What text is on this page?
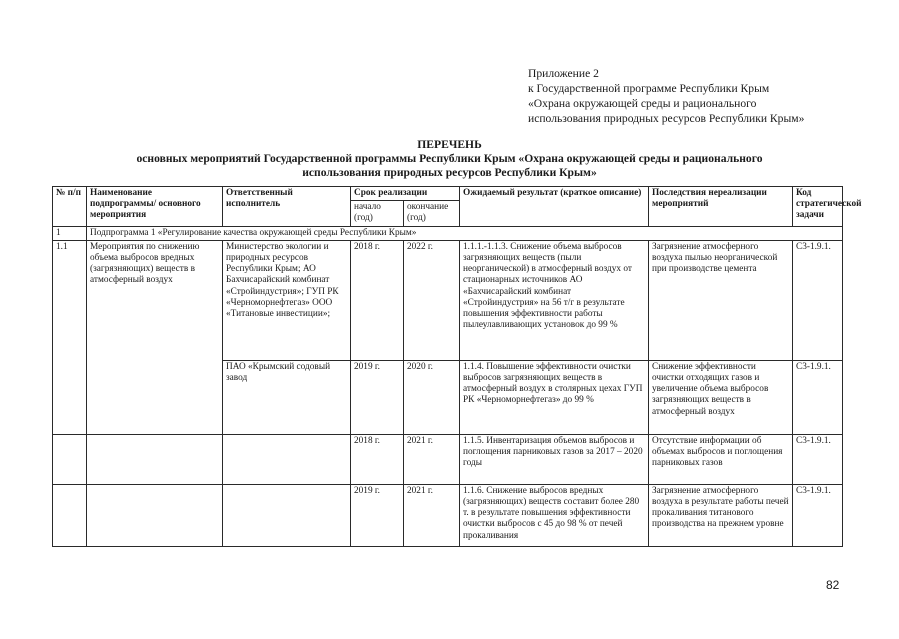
Приложение 2
к Государственной программе Республики Крым
«Охрана окружающей среды и рационального
использования природных ресурсов Республики Крым»
ПЕРЕЧЕНЬ
основных мероприятий Государственной программы Республики Крым «Охрана окружающей среды и рационального
использования природных ресурсов Республики Крым»
№ п/п	Наименование подпрограммы/ основного мероприятия	Ответственный исполнитель	Срок реализации		Ожидаемый результат (краткое описание)	Последствия нереализации мероприятий	Код стратегической задачи
			начало (год)	окончание (год)			
1	Подпрограмма 1 «Регулирование качества окружающей среды Республики Крым»						
1.1	Мероприятия по снижению объема выбросов вредных (загрязняющих) веществ в атмосферный воздух	Министерство экологии и природных ресурсов Республики Крым; АО Бахчисарайский комбинат «Стройиндустрия»; ГУП РК «Черноморнефтегаз» ООО «Титановые инвестиции»;	2018 г.	2022 г.	1.1.1.-1.1.3. Снижение объема выбросов загрязняющих веществ (пыли неорганической) в атмосферный воздух от стационарных источников АО «Бахчисарайский комбинат «Стройиндустрия» на 56 т/г в результате повышения эффективности работы пылеулавливающих установок до 99 %	Загрязнение атмосферного воздуха пылью неорганической при производстве цемента	С3-1.9.1.
		ПАО «Крымский содовый завод	2019 г.	2020 г.	1.1.4. Повышение эффективности очистки выбросов загрязняющих веществ в атмосферный воздух в столярных цехах ГУП РК «Черноморнефтегаз» до 99 %	Снижение эффективности очистки отходящих газов и увеличение объема выбросов загрязняющих веществ в атмосферный воздух	С3-1.9.1.
			2018 г.	2021 г.	1.1.5. Инвентаризация объемов выбросов и поглощения парниковых газов за 2017 – 2020 годы	Отсутствие информации об объемах выбросов и поглощения парниковых газов	С3-1.9.1.
			2019 г.	2021 г.	1.1.6. Снижение выбросов вредных (загрязняющих) веществ составит более 280 т. в результате повышения эффективности очистки выбросов с 45 до 98 % от печей прокаливания	Загрязнение атмосферного воздуха в результате работы печей прокаливания титанового производства на прежнем уровне	С3-1.9.1.
82
